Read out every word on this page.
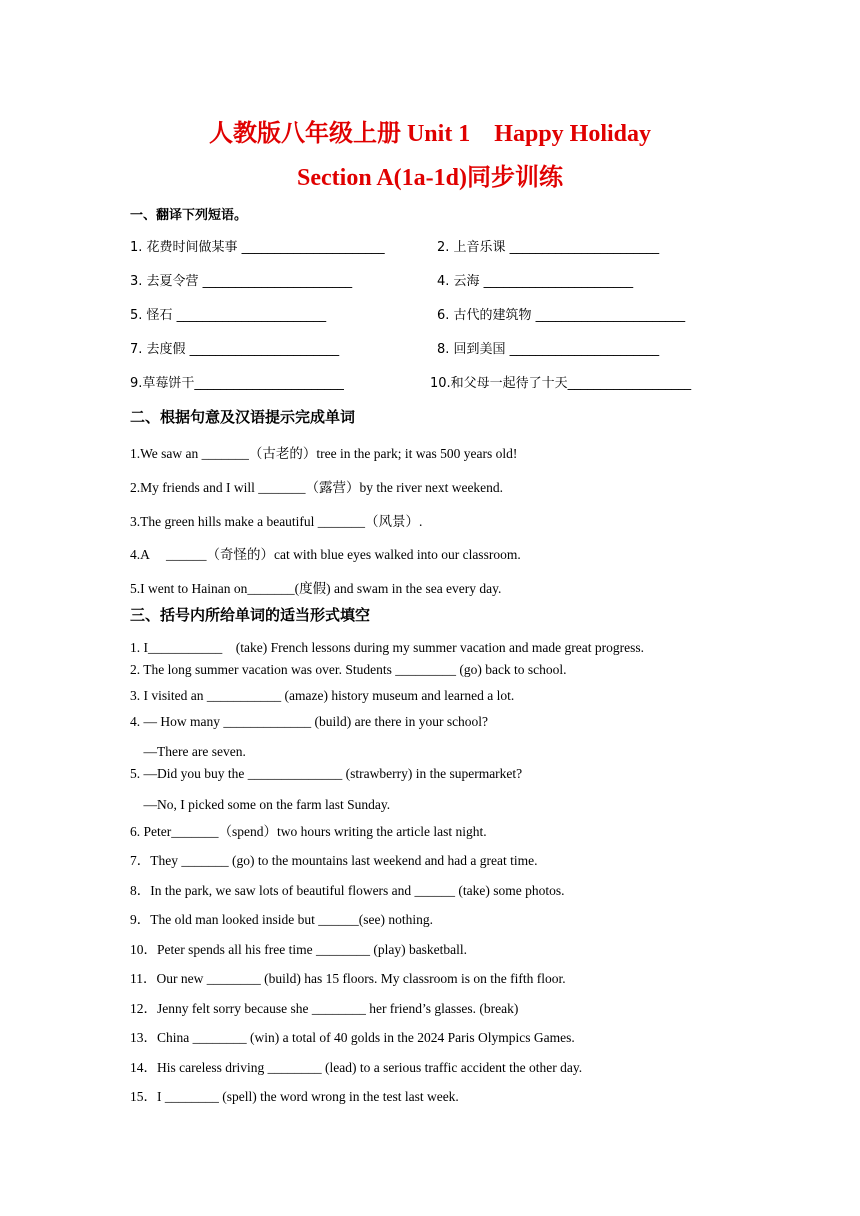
人教版八年级上册 Unit 1　Happy Holiday
Section A(1a-1d)同步训练
一、翻译下列短语。
1. 花费时间做某事 ______________________	2. 上音乐课 _______________________
3. 去夏令营 _______________________	4. 云海 _______________________
5. 怪石 _______________________	6. 古代的建筑物 _______________________
7. 去度假 _______________________	8. 回到美国 _______________________
9.草莓饼干_______________________	10.和父母一起待了十天___________________
二、根据句意及汉语提示完成单词
1.We saw an _______（古老的）tree in the park; it was 500 years old!
2.My friends and I will _______（露营）by the river next weekend.
3.The green hills make a beautiful _______（风景）.
4.A　 ______（奇怪的）cat with blue eyes walked into our classroom.
5.I went to Hainan on_______(度假) and swam in the sea every day.
三、括号内所给单词的适当形式填空
1. I___________　(take) French lessons during my summer vacation and made great progress.
2. The long summer vacation was over. Students _________ (go) back to school.
3. I visited an ___________ (amaze) history museum and learned a lot.
4. — How many _____________ (build) are there in your school?
　—There are seven.
5. —Did you buy the ______________ (strawberry) in the supermarket?
　—No, I picked some on the farm last Sunday.
6. Peter_______（spend）two hours writing the article last night.
7．They _______ (go) to the mountains last weekend and had a great time.
8．In the park, we saw lots of beautiful flowers and ______ (take) some photos.
9．The old man looked inside but ______(see) nothing.
10．Peter spends all his free time ________ (play) basketball.
11．Our new ________ (build) has 15 floors. My classroom is on the fifth floor.
12．Jenny felt sorry because she ________ her friend’s glasses. (break)
13．China ________ (win) a total of 40 golds in the 2024 Paris Olympics Games.
14．His careless driving ________ (lead) to a serious traffic accident the other day.
15．I ________ (spell) the word wrong in the test last week.
